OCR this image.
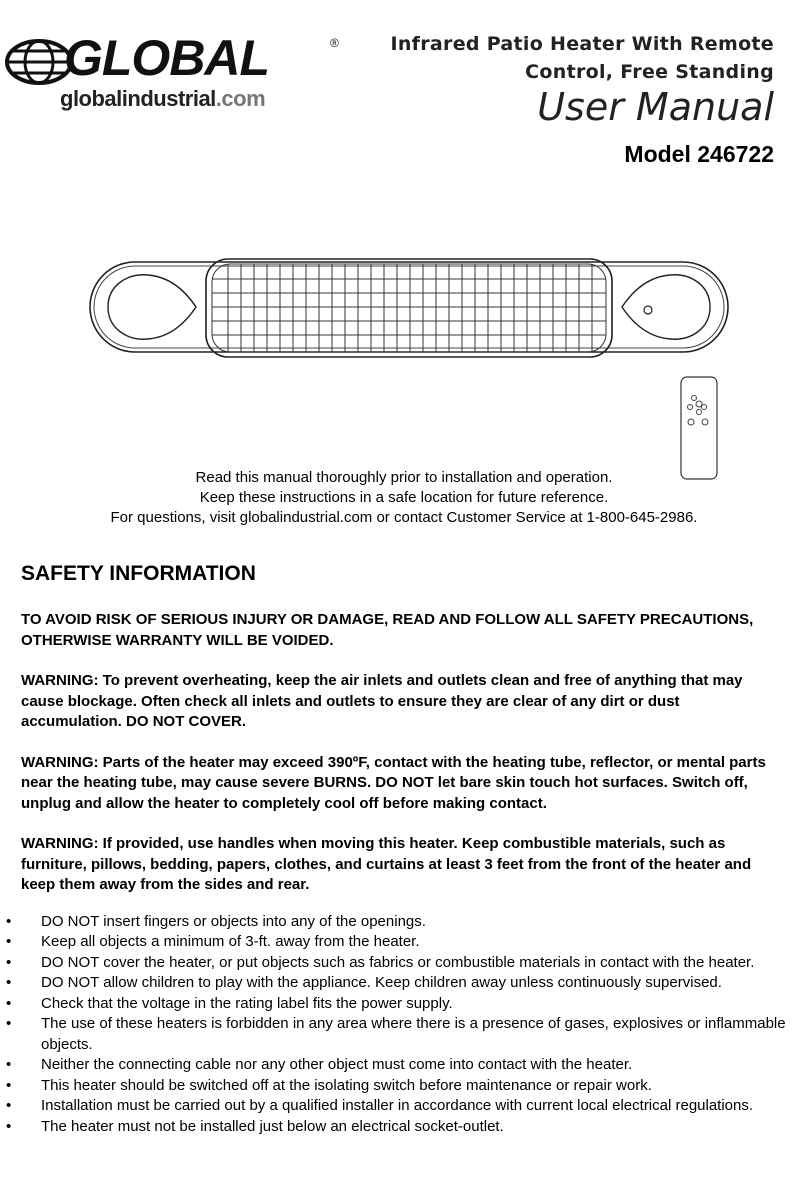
GLOBAL	®
globalindustrial.com
Infrared Patio Heater With Remote
Control, Free Standing
User Manual
Model 246722
Read this manual thoroughly prior to installation and operation.
Keep these instructions in a safe location for future reference.
For questions, visit globalindustrial.com or contact Customer Service at 1-800-645-2986.
SAFETY INFORMATION
TO AVOID RISK OF SERIOUS INJURY OR DAMAGE, READ AND FOLLOW ALL SAFETY PRECAUTIONS, OTHERWISE WARRANTY WILL BE VOIDED.
WARNING: To prevent overheating, keep the air inlets and outlets clean and free of anything that may cause blockage. Often check all inlets and outlets to ensure they are clear of any dirt or dust accumulation. DO NOT COVER.
WARNING: Parts of the heater may exceed 390ºF, contact with the heating tube, reflector, or mental parts near the heating tube, may cause severe BURNS. DO NOT let bare skin touch hot surfaces. Switch off, unplug and allow the heater to completely cool off before making contact.
WARNING: If provided, use handles when moving this heater. Keep combustible materials, such as furniture, pillows, bedding, papers, clothes, and curtains at least 3 feet from the front of the heater and keep them away from the sides and rear.
• DO NOT insert fingers or objects into any of the openings.
• Keep all objects a minimum of 3-ft. away from the heater.
• DO NOT cover the heater, or put objects such as fabrics or combustible materials in contact with the heater.
• DO NOT allow children to play with the appliance. Keep children away unless continuously supervised.
• Check that the voltage in the rating label fits the power supply.
• The use of these heaters is forbidden in any area where there is a presence of gases, explosives or inflammable objects.
• Neither the connecting cable nor any other object must come into contact with the heater.
• This heater should be switched off at the isolating switch before maintenance or repair work.
• Installation must be carried out by a qualified installer in accordance with current local electrical regulations.
• The heater must not be installed just below an electrical socket-outlet.
